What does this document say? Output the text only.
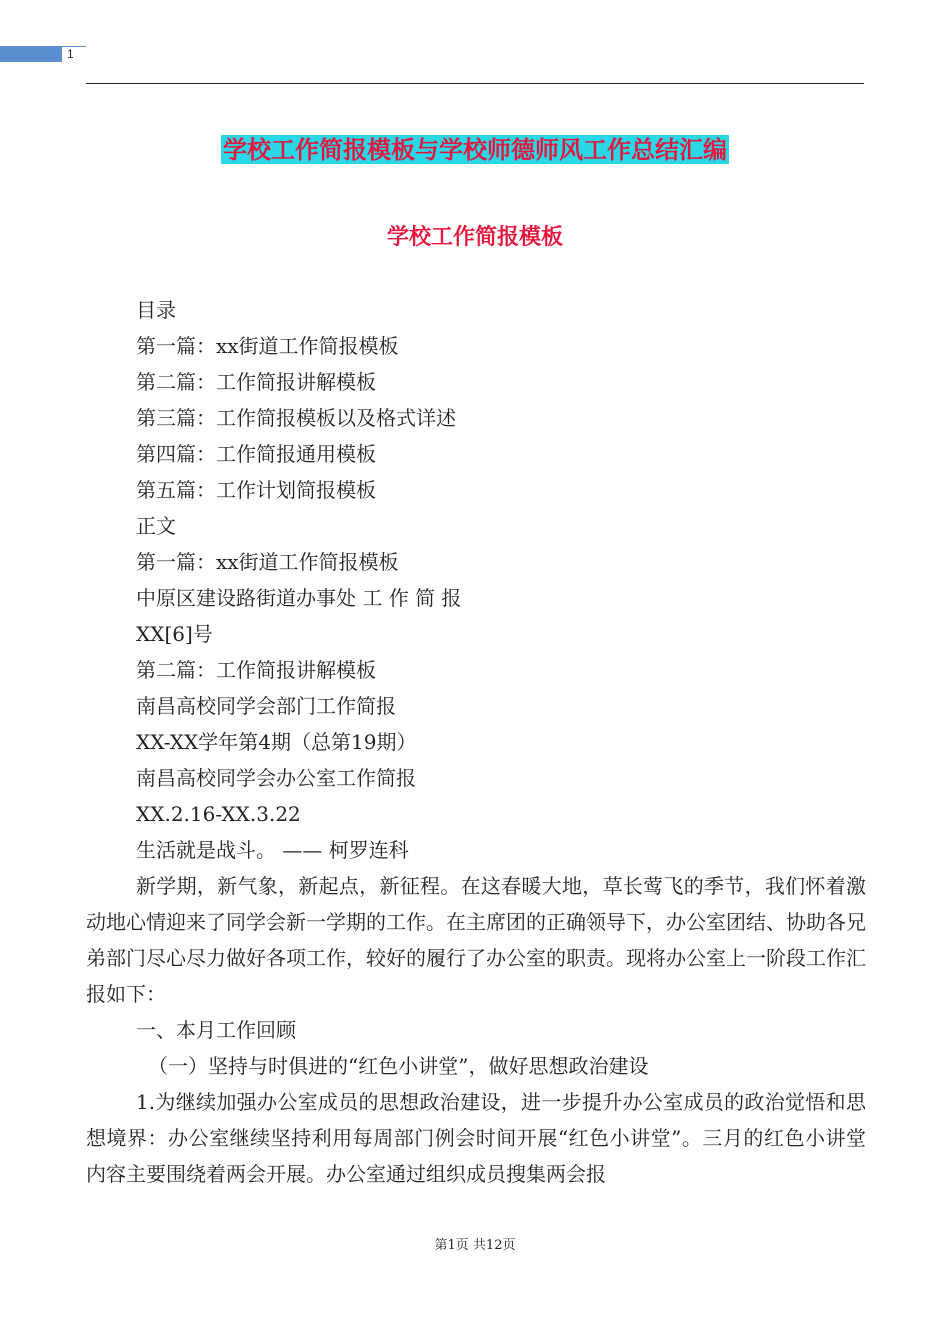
1
学校工作简报模板与学校师德师风工作总结汇编
学校工作简报模板
目录
第一篇：xx街道工作简报模板
第二篇：工作简报讲解模板
第三篇：工作简报模板以及格式详述
第四篇：工作简报通用模板
第五篇：工作计划简报模板
正文
第一篇：xx街道工作简报模板
中原区建设路街道办事处 工 作 简 报
XX[6]号
第二篇：工作简报讲解模板
南昌高校同学会部门工作简报
XX-XX学年第4期（总第19期）
南昌高校同学会办公室工作简报
XX.2.16-XX.3.22
生活就是战斗。 —— 柯罗连科
新学期，新气象，新起点，新征程。在这春暖大地，草长莺飞的季节，我们怀着激动地心情迎来了同学会新一学期的工作。在主席团的正确领导下，办公室团结、协助各兄弟部门尽心尽力做好各项工作，较好的履行了办公室的职责。现将办公室上一阶段工作汇报如下：
一、本月工作回顾
（一）坚持与时俱进的“红色小讲堂”，做好思想政治建设
1.为继续加强办公室成员的思想政治建设，进一步提升办公室成员的政治觉悟和思想境界：办公室继续坚持利用每周部门例会时间开展“红色小讲堂”。三月的红色小讲堂内容主要围绕着两会开展。办公室通过组织成员搜集两会报
第1页 共12页
